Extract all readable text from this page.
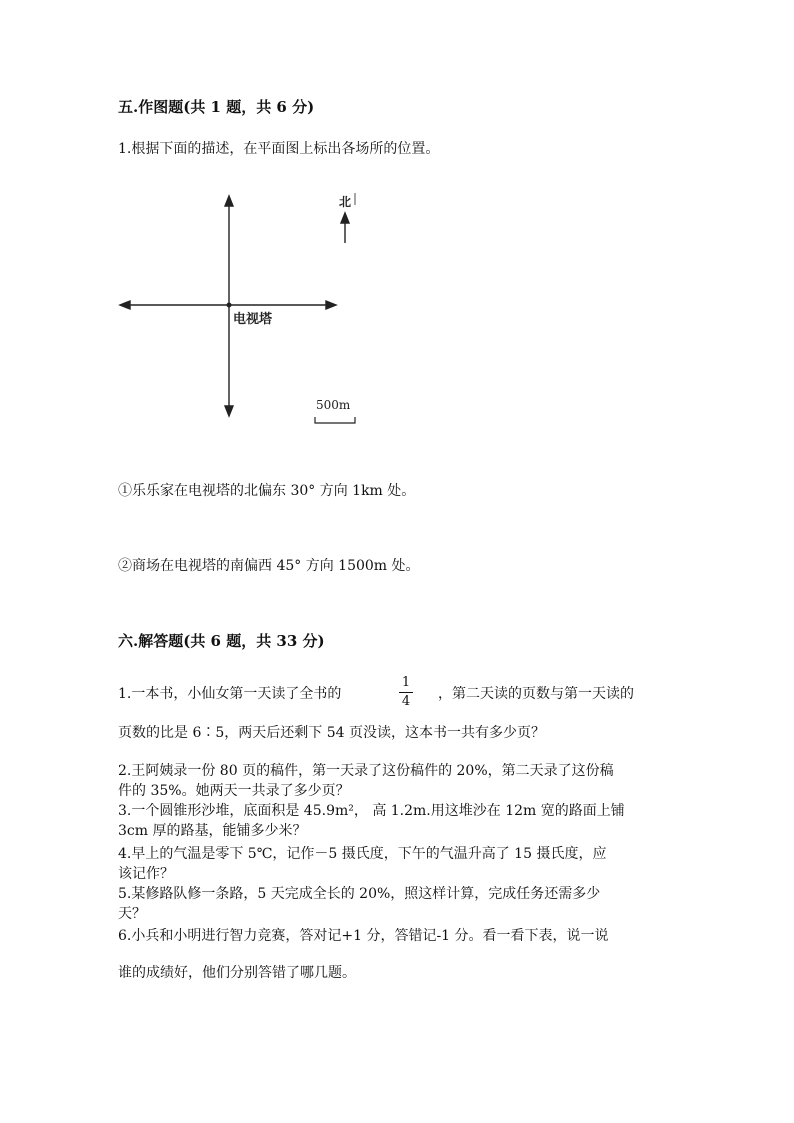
五.作图题(共 1 题，共 6 分)
1.根据下面的描述，在平面图上标出各场所的位置。
电视塔
北
500m
①乐乐家在电视塔的北偏东 30° 方向 1km 处。
②商场在电视塔的南偏西 45° 方向 1500m 处。
六.解答题(共 6 题，共 33 分)
1.一本书，小仙女第一天读了全书的
1
4 ，第二天读的页数与第一天读的
页数的比是 6∶5，两天后还剩下 54 页没读，这本书一共有多少页？
2.王阿姨录一份 80 页的稿件，第一天录了这份稿件的 20%，第二天录了这份稿
件的 35%。她两天一共录了多少页？
3.一个圆锥形沙堆，底面积是 45.9m²， 高 1.2m.用这堆沙在 12m 宽的路面上铺
3cm 厚的路基，能铺多少米？
4.早上的气温是零下 5℃，记作－5 摄氏度，下午的气温升高了 15 摄氏度，应
该记作？
5.某修路队修一条路，5 天完成全长的 20%，照这样计算，完成任务还需多少
天？
6.小兵和小明进行智力竞赛，答对记+1 分，答错记-1 分。看一看下表，说一说
谁的成绩好，他们分别答错了哪几题。
